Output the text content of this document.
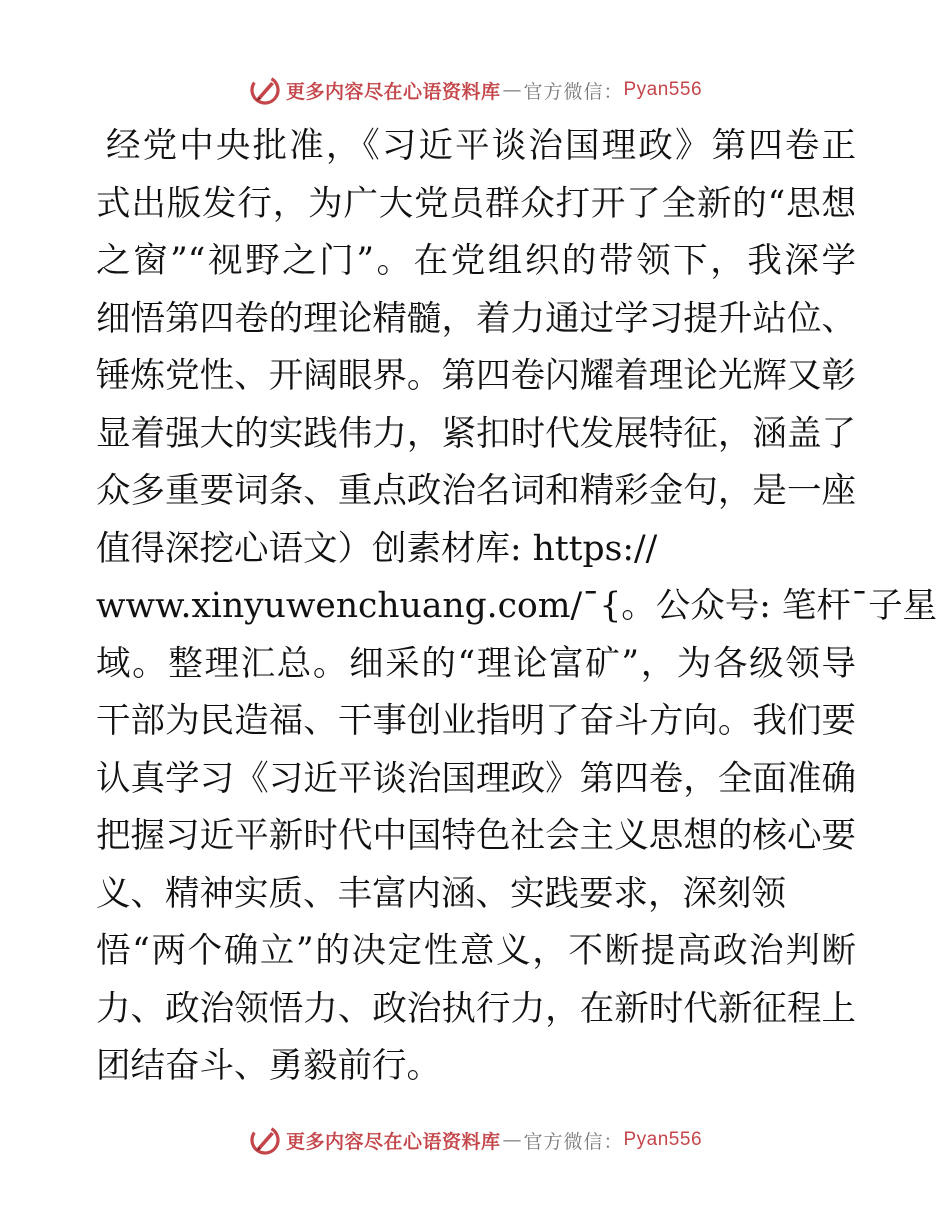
更多内容尽在心语资料库 — 官方微信： Pyan556
经党中央批准，《习近平谈治国理政》第四卷正
式出版发行，为广大党员群众打开了全新的“思想
之窗”“视野之门”。在党组织的带领下，我深学
细悟第四卷的理论精髓，着力通过学习提升站位、
锤炼党性、开阔眼界。第四卷闪耀着理论光辉又彰
显着强大的实践伟力，紧扣时代发展特征，涵盖了
众多重要词条、重点政治名词和精彩金句，是一座
值得深挖心语文）创素材库: https://
www.xinyuwenchuang.com/¯{。公众号: 笔杆¯子星
域。整理汇总。细采的“理论富矿”，为各级领导
干部为民造福、干事创业指明了奋斗方向。我们要
认真学习《习近平谈治国理政》第四卷，全面准确
把握习近平新时代中国特色社会主义思想的核心要
义、精神实质、丰富内涵、实践要求，深刻领
悟“两个确立”的决定性意义，不断提高政治判断
力、政治领悟力、政治执行力，在新时代新征程上
团结奋斗、勇毅前行。
更多内容尽在心语资料库 — 官方微信： Pyan556
